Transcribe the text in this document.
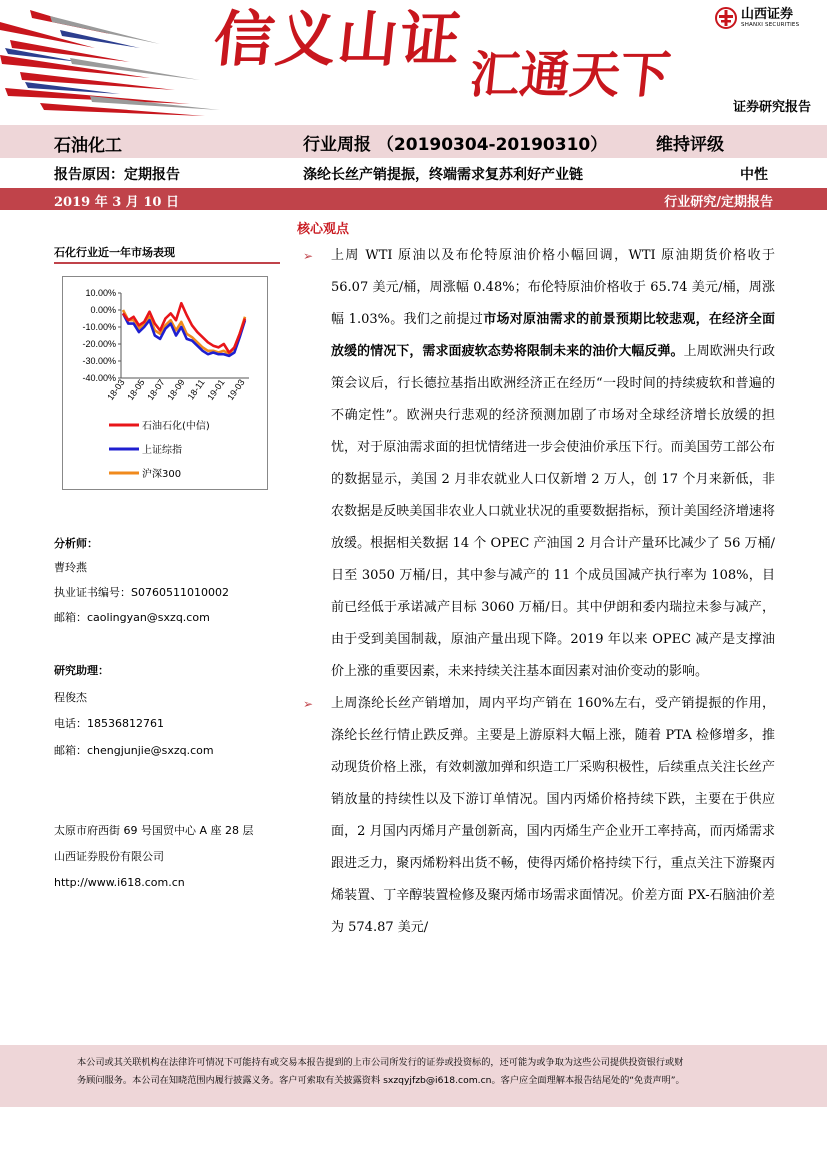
信义山证 汇通天下
山西证券
SHANXI SECURITIES
证券研究报告
石油化工	行业周报 （20190304-20190310）	维持评级
报告原因：定期报告	涤纶长丝产销提振，终端需求复苏利好产业链	中性
2019 年 3 月 10 日	行业研究/定期报告
核心观点
石化行业近一年市场表现
10.00%
0.00%
-10.00%
-20.00%
-30.00%
-40.00%
18-03
18-05
18-07
18-09
18-11
19-01
19-03
石油石化(中信)
上证综指
沪深300
分析师：
曹玲燕
执业证书编号：S0760511010002
邮箱：caolingyan@sxzq.com
研究助理：
程俊杰
电话：18536812761
邮箱：chengjunjie@sxzq.com
太原市府西街 69 号国贸中心 A 座 28 层
山西证券股份有限公司
http://www.i618.com.cn
➢ 上周 WTI 原油以及布伦特原油价格小幅回调，WTI 原油期货价格收于 56.07 美元/桶，周涨幅 0.48%；布伦特原油价格收于 65.74 美元/桶，周涨幅 1.03%。我们之前提过市场对原油需求的前景预期比较悲观，在经济全面放缓的情况下，需求面疲软态势将限制未来的油价大幅反弹。上周欧洲央行政策会议后，行长德拉基指出欧洲经济正在经历“一段时间的持续疲软和普遍的不确定性”。欧洲央行悲观的经济预测加剧了市场对全球经济增长放缓的担忧，对于原油需求面的担忧情绪进一步会使油价承压下行。而美国劳工部公布的数据显示，美国 2 月非农就业人口仅新增 2 万人，创 17 个月来新低，非农数据是反映美国非农业人口就业状况的重要数据指标，预计美国经济增速将放缓。根据相关数据 14 个 OPEC 产油国 2 月合计产量环比减少了 56 万桶/日至 3050 万桶/日，其中参与减产的 11 个成员国减产执行率为 108%，目前已经低于承诺减产目标 3060 万桶/日。其中伊朗和委内瑞拉未参与减产，由于受到美国制裁，原油产量出现下降。2019 年以来 OPEC 减产是支撑油价上涨的重要因素，未来持续关注基本面因素对油价变动的影响。
➢ 上周涤纶长丝产销增加，周内平均产销在 160%左右，受产销提振的作用，涤纶长丝行情止跌反弹。主要是上游原料大幅上涨，随着 PTA 检修增多，推动现货价格上涨，有效刺激加弹和织造工厂采购积极性，后续重点关注长丝产销放量的持续性以及下游订单情况。国内丙烯价格持续下跌，主要在于供应面，2 月国内丙烯月产量创新高，国内丙烯生产企业开工率持高，而丙烯需求跟进乏力，聚丙烯粉料出货不畅，使得丙烯价格持续下行，重点关注下游聚丙烯装置、丁辛醇装置检修及聚丙烯市场需求面情况。价差方面 PX-石脑油价差为 574.87 美元/
本公司或其关联机构在法律许可情况下可能持有或交易本报告提到的上市公司所发行的证券或投资标的，还可能为或争取为这些公司提供投资银行或财
务顾问服务。本公司在知晓范围内履行披露义务。客户可索取有关披露资料 sxzqyjfzb@i618.com.cn。客户应全面理解本报告结尾处的“免责声明”。
